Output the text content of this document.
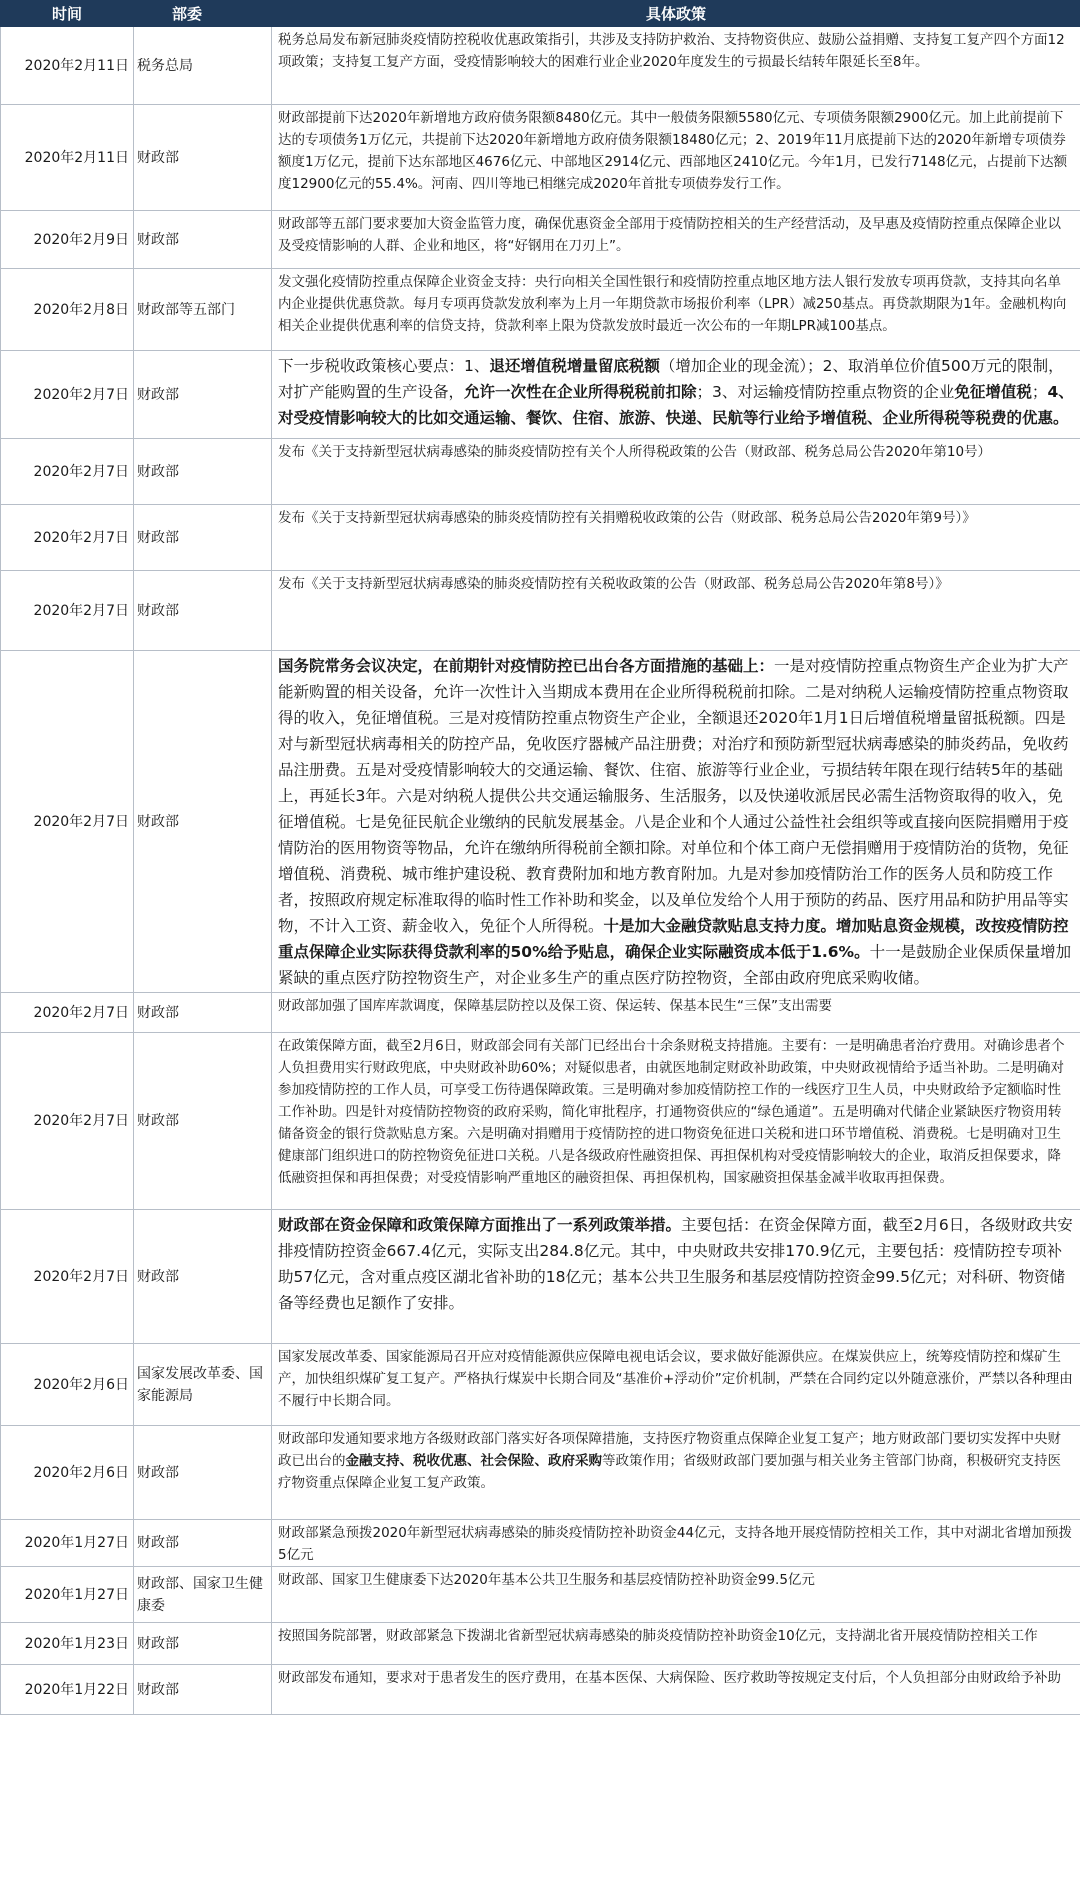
时间	部委	具体政策
2020年2月11日	税务总局	税务总局发布新冠肺炎疫情防控税收优惠政策指引，共涉及支持防护救治、支持物资供应、鼓励公益捐赠、支持复工复产四个方面12项政策；支持复工复产方面，受疫情影响较大的困难行业企业2020年度发生的亏损最长结转年限延长至8年。

2020年2月11日	财政部	财政部提前下达2020年新增地方政府债务限额8480亿元。其中一般债务限额5580亿元、专项债务限额2900亿元。加上此前提前下达的专项债务1万亿元，共提前下达2020年新增地方政府债务限额18480亿元；2、2019年11月底提前下达的2020年新增专项债券额度1万亿元，提前下达东部地区4676亿元、中部地区2914亿元、西部地区2410亿元。今年1月，已发行7148亿元，占提前下达额度12900亿元的55.4%。河南、四川等地已相继完成2020年首批专项债券发行工作。

2020年2月9日	财政部	财政部等五部门要求要加大资金监管力度，确保优惠资金全部用于疫情防控相关的生产经营活动，及早惠及疫情防控重点保障企业以及受疫情影响的人群、企业和地区，将“好钢用在刀刃上”。

2020年2月8日	财政部等五部门	发文强化疫情防控重点保障企业资金支持：央行向相关全国性银行和疫情防控重点地区地方法人银行发放专项再贷款，支持其向名单内企业提供优惠贷款。每月专项再贷款发放利率为上月一年期贷款市场报价利率（LPR）减250基点。再贷款期限为1年。金融机构向相关企业提供优惠利率的信贷支持，贷款利率上限为贷款发放时最近一次公布的一年期LPR减100基点。

2020年2月7日	财政部	下一步税收政策核心要点：1、退还增值税增量留底税额（增加企业的现金流）；2、取消单位价值500万元的限制，对扩产能购置的生产设备，允许一次性在企业所得税税前扣除；3、对运输疫情防控重点物资的企业免征增值税；4、对受疫情影响较大的比如交通运输、餐饮、住宿、旅游、快递、民航等行业给予增值税、企业所得税等税费的优惠。

2020年2月7日	财政部	发布《关于支持新型冠状病毒感染的肺炎疫情防控有关个人所得税政策的公告（财政部、税务总局公告2020年第10号）

2020年2月7日	财政部	发布《关于支持新型冠状病毒感染的肺炎疫情防控有关捐赠税收政策的公告（财政部、税务总局公告2020年第9号）》

2020年2月7日	财政部	发布《关于支持新型冠状病毒感染的肺炎疫情防控有关税收政策的公告（财政部、税务总局公告2020年第8号）》

2020年2月7日	财政部	国务院常务会议决定，在前期针对疫情防控已出台各方面措施的基础上：一是对疫情防控重点物资生产企业为扩大产能新购置的相关设备，允许一次性计入当期成本费用在企业所得税税前扣除。二是对纳税人运输疫情防控重点物资取得的收入，免征增值税。三是对疫情防控重点物资生产企业，全额退还2020年1月1日后增值税增量留抵税额。四是对与新型冠状病毒相关的防控产品，免收医疗器械产品注册费；对治疗和预防新型冠状病毒感染的肺炎药品，免收药品注册费。五是对受疫情影响较大的交通运输、餐饮、住宿、旅游等行业企业，亏损结转年限在现行结转5年的基础上，再延长3年。六是对纳税人提供公共交通运输服务、生活服务，以及快递收派居民必需生活物资取得的收入，免征增值税。七是免征民航企业缴纳的民航发展基金。八是企业和个人通过公益性社会组织等或直接向医院捐赠用于疫情防治的医用物资等物品，允许在缴纳所得税前全额扣除。对单位和个体工商户无偿捐赠用于疫情防治的货物，免征增值税、消费税、城市维护建设税、教育费附加和地方教育附加。九是对参加疫情防治工作的医务人员和防疫工作者，按照政府规定标准取得的临时性工作补助和奖金，以及单位发给个人用于预防的药品、医疗用品和防护用品等实物，不计入工资、薪金收入，免征个人所得税。十是加大金融贷款贴息支持力度。增加贴息资金规模，改按疫情防控重点保障企业实际获得贷款利率的50%给予贴息，确保企业实际融资成本低于1.6%。十一是鼓励企业保质保量增加紧缺的重点医疗防控物资生产，对企业多生产的重点医疗防控物资，全部由政府兜底采购收储。

2020年2月7日	财政部	财政部加强了国库库款调度，保障基层防控以及保工资、保运转、保基本民生“三保”支出需要

2020年2月7日	财政部	在政策保障方面，截至2月6日，财政部会同有关部门已经出台十余条财税支持措施。主要有：一是明确患者治疗费用。对确诊患者个人负担费用实行财政兜底，中央财政补助60%；对疑似患者，由就医地制定财政补助政策，中央财政视情给予适当补助。二是明确对参加疫情防控的工作人员，可享受工伤待遇保障政策。三是明确对参加疫情防控工作的一线医疗卫生人员，中央财政给予定额临时性工作补助。四是针对疫情防控物资的政府采购，简化审批程序，打通物资供应的“绿色通道”。五是明确对代储企业紧缺医疗物资用转储备资金的银行贷款贴息方案。六是明确对捐赠用于疫情防控的进口物资免征进口关税和进口环节增值税、消费税。七是明确对卫生健康部门组织进口的防控物资免征进口关税。八是各级政府性融资担保、再担保机构对受疫情影响较大的企业，取消反担保要求，降低融资担保和再担保费；对受疫情影响严重地区的融资担保、再担保机构，国家融资担保基金减半收取再担保费。

2020年2月7日	财政部	财政部在资金保障和政策保障方面推出了一系列政策举措。主要包括：在资金保障方面，截至2月6日，各级财政共安排疫情防控资金667.4亿元，实际支出284.8亿元。其中，中央财政共安排170.9亿元，主要包括：疫情防控专项补助57亿元，含对重点疫区湖北省补助的18亿元；基本公共卫生服务和基层疫情防控资金99.5亿元；对科研、物资储备等经费也足额作了安排。

2020年2月6日	国家发展改革委、国家能源局	国家发展改革委、国家能源局召开应对疫情能源供应保障电视电话会议，要求做好能源供应。在煤炭供应上，统筹疫情防控和煤矿生产，加快组织煤矿复工复产。严格执行煤炭中长期合同及“基准价+浮动价”定价机制，严禁在合同约定以外随意涨价，严禁以各种理由不履行中长期合同。

2020年2月6日	财政部	财政部印发通知要求地方各级财政部门落实好各项保障措施，支持医疗物资重点保障企业复工复产；地方财政部门要切实发挥中央财政已出台的金融支持、税收优惠、社会保险、政府采购等政策作用；省级财政部门要加强与相关业务主管部门协商，积极研究支持医疗物资重点保障企业复工复产政策。

2020年1月27日	财政部	财政部紧急预拨2020年新型冠状病毒感染的肺炎疫情防控补助资金44亿元，支持各地开展疫情防控相关工作，其中对湖北省增加预拨5亿元

2020年1月27日	财政部、国家卫生健康委	财政部、国家卫生健康委下达2020年基本公共卫生服务和基层疫情防控补助资金99.5亿元

2020年1月23日	财政部	按照国务院部署，财政部紧急下拨湖北省新型冠状病毒感染的肺炎疫情防控补助资金10亿元，支持湖北省开展疫情防控相关工作

2020年1月22日	财政部	财政部发布通知，要求对于患者发生的医疗费用，在基本医保、大病保险、医疗救助等按规定支付后，个人负担部分由财政给予补助
